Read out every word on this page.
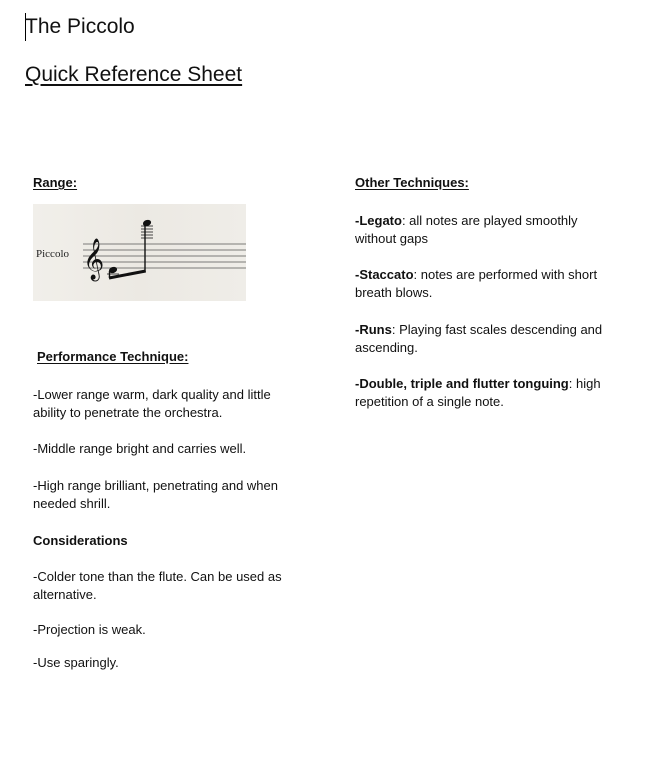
The Piccolo
Quick Reference Sheet

Range:

Piccolo 𝄞

Performance Technique:

-Lower range warm, dark quality and little ability to penetrate the orchestra.

-Middle range bright and carries well.

-High range brilliant, penetrating and when needed shrill.

Considerations

-Colder tone than the flute. Can be used as alternative.

-Projection is weak.

-Use sparingly.

Other Techniques:

-Legato: all notes are played smoothly without gaps

-Staccato: notes are performed with short breath blows.

-Runs: Playing fast scales descending and ascending.

-Double, triple and flutter tonguing: high repetition of a single note.
